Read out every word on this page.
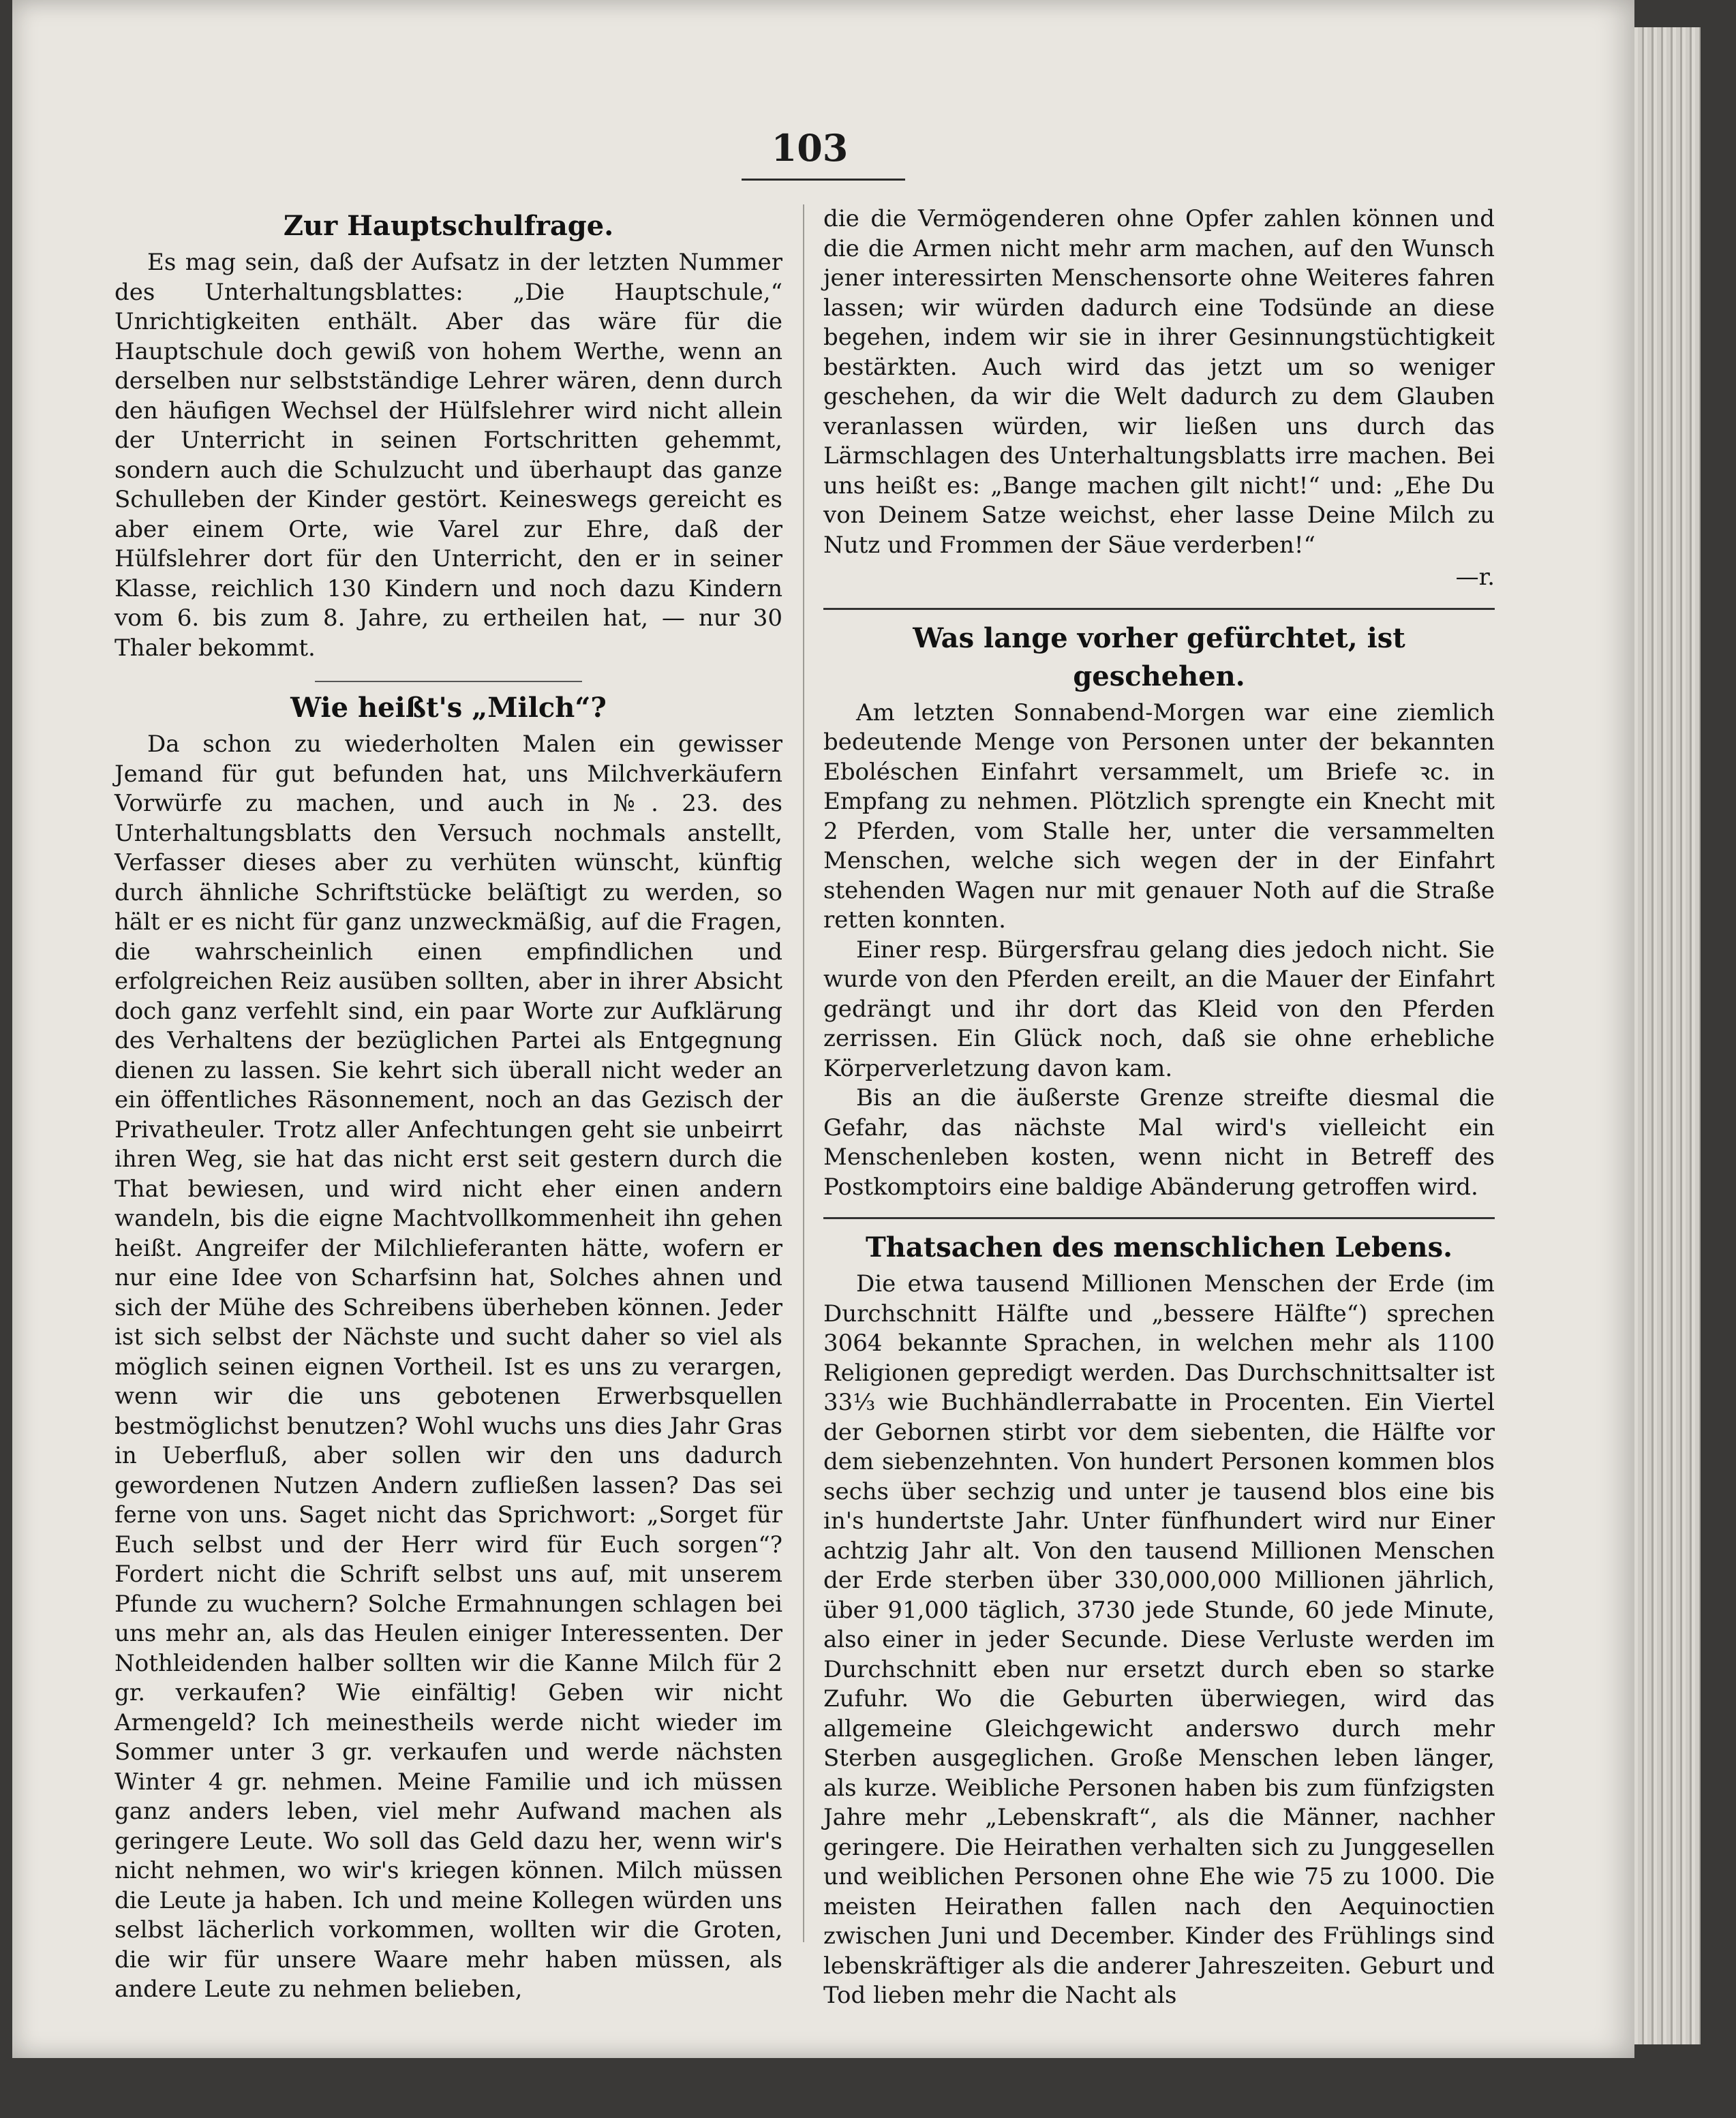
103
Zur Hauptschulfrage.

Es mag sein, daß der Aufsatz in der letzten Nummer des Unterhaltungsblattes: „Die Hauptschule,“ Unrichtigkeiten enthält. Aber das wäre für die Hauptschule doch gewiß von hohem Werthe, wenn an derselben nur selbstständige Lehrer wären, denn durch den häufigen Wechsel der Hülfslehrer wird nicht allein der Unterricht in seinen Fortschritten gehemmt, sondern auch die Schulzucht und überhaupt das ganze Schulleben der Kinder gestört. Keineswegs gereicht es aber einem Orte, wie Varel zur Ehre, daß der Hülfslehrer dort für den Unterricht, den er in seiner Klasse, reichlich 130 Kindern und noch dazu Kindern vom 6. bis zum 8. Jahre, zu ertheilen hat, — nur 30 Thaler bekommt.

Wie heißt's „Milch“?

Da schon zu wiederholten Malen ein gewisser Jemand für gut befunden hat, uns Milchverkäufern Vorwürfe zu machen, und auch in №. 23. des Unterhaltungsblatts den Versuch nochmals anstellt, Verfasser dieses aber zu verhüten wünscht, künftig durch ähnliche Schriftstücke beläſtigt zu werden, so hält er es nicht für ganz unzweckmäßig, auf die Fragen, die wahrscheinlich einen empfindlichen und erfolgreichen Reiz ausüben sollten, aber in ihrer Absicht doch ganz verfehlt sind, ein paar Worte zur Aufklärung des Verhaltens der bezüglichen Partei als Entgegnung dienen zu lassen. Sie kehrt sich überall nicht weder an ein öffentliches Räsonnement, noch an das Gezisch der Privatheuler. Trotz aller Anfechtungen geht sie unbeirrt ihren Weg, sie hat das nicht erst seit gestern durch die That bewiesen, und wird nicht eher einen andern wandeln, bis die eigne Machtvollkommenheit ihn gehen heißt. Angreifer der Milchlieferanten hätte, wofern er nur eine Idee von Scharfsinn hat, Solches ahnen und sich der Mühe des Schreibens überheben können. Jeder ist sich selbst der Nächste und sucht daher so viel als möglich seinen eignen Vortheil. Ist es uns zu verargen, wenn wir die uns gebotenen Erwerbsquellen bestmöglichst benutzen? Wohl wuchs uns dies Jahr Gras in Ueberfluß, aber sollen wir den uns dadurch gewordenen Nutzen Andern zufließen lassen? Das sei ferne von uns. Saget nicht das Sprichwort: „Sorget für Euch selbst und der Herr wird für Euch sorgen“? Fordert nicht die Schrift selbst uns auf, mit unserem Pfunde zu wuchern? Solche Ermahnungen schlagen bei uns mehr an, als das Heulen einiger Interessenten. Der Nothleidenden halber sollten wir die Kanne Milch für 2 gr. verkaufen? Wie einfältig! Geben wir nicht Armengeld? Ich meinestheils werde nicht wieder im Sommer unter 3 gr. verkaufen und werde nächsten Winter 4 gr. nehmen. Meine Familie und ich müssen ganz anders leben, viel mehr Aufwand machen als geringere Leute. Wo soll das Geld dazu her, wenn wir's nicht nehmen, wo wir's kriegen können. Milch müssen die Leute ja haben. Ich und meine Kollegen würden uns selbst lächerlich vorkommen, wollten wir die Groten, die wir für unsere Waare mehr haben müssen, als andere Leute zu nehmen belieben,

die die Vermögenderen ohne Opfer zahlen können und die die Armen nicht mehr arm machen, auf den Wunsch jener interessirten Menschensorte ohne Weiteres fahren lassen; wir würden dadurch eine Todsünde an diese begehen, indem wir sie in ihrer Gesinnungstüchtigkeit bestärkten. Auch wird das jetzt um so weniger geschehen, da wir die Welt dadurch zu dem Glauben veranlassen würden, wir ließen uns durch das Lärmschlagen des Unterhaltungsblatts irre machen. Bei uns heißt es: „Bange machen gilt nicht!“ und: „Ehe Du von Deinem Satze weichst, eher lasse Deine Milch zu Nutz und Frommen der Säue verderben!“

—r.
Was lange vorher gefürchtet, ist geschehen.

Am letzten Sonnabend-Morgen war eine ziemlich bedeutende Menge von Personen unter der bekannten Eboléschen Einfahrt versammelt, um Briefe ꝛc. in Empfang zu nehmen. Plötzlich sprengte ein Knecht mit 2 Pferden, vom Stalle her, unter die versammelten Menschen, welche sich wegen der in der Einfahrt stehenden Wagen nur mit genauer Noth auf die Straße retten konnten.

Einer resp. Bürgersfrau gelang dies jedoch nicht. Sie wurde von den Pferden ereilt, an die Mauer der Einfahrt gedrängt und ihr dort das Kleid von den Pferden zerrissen. Ein Glück noch, daß sie ohne erhebliche Körperverletzung davon kam.

Bis an die äußerste Grenze streifte diesmal die Gefahr, das nächste Mal wird's vielleicht ein Menschenleben kosten, wenn nicht in Betreff des Postkomptoirs eine baldige Abänderung getroffen wird.

Thatsachen des menschlichen Lebens.

Die etwa tausend Millionen Menschen der Erde (im Durchschnitt Hälfte und „bessere Hälfte“) sprechen 3064 bekannte Sprachen, in welchen mehr als 1100 Religionen gepredigt werden. Das Durchschnittsalter ist 33⅓ wie Buchhändlerrabatte in Procenten. Ein Viertel der Gebornen stirbt vor dem siebenten, die Hälfte vor dem siebenzehnten. Von hundert Personen kommen blos sechs über sechzig und unter je tausend blos eine bis in's hundertste Jahr. Unter fünfhundert wird nur Einer achtzig Jahr alt. Von den tausend Millionen Menschen der Erde sterben über 330,000,000 Millionen jährlich, über 91,000 täglich, 3730 jede Stunde, 60 jede Minute, also einer in jeder Secunde. Diese Verluste werden im Durchschnitt eben nur ersetzt durch eben so starke Zufuhr. Wo die Geburten überwiegen, wird das allgemeine Gleichgewicht anderswo durch mehr Sterben ausgeglichen. Große Menschen leben länger, als kurze. Weibliche Personen haben bis zum fünfzigsten Jahre mehr „Lebenskraft“, als die Männer, nachher geringere. Die Heirathen verhalten sich zu Junggesellen und weiblichen Personen ohne Ehe wie 75 zu 1000. Die meisten Heirathen fallen nach den Aequinoctien zwischen Juni und December. Kinder des Frühlings sind lebenskräftiger als die anderer Jahreszeiten. Geburt und Tod lieben mehr die Nacht als
